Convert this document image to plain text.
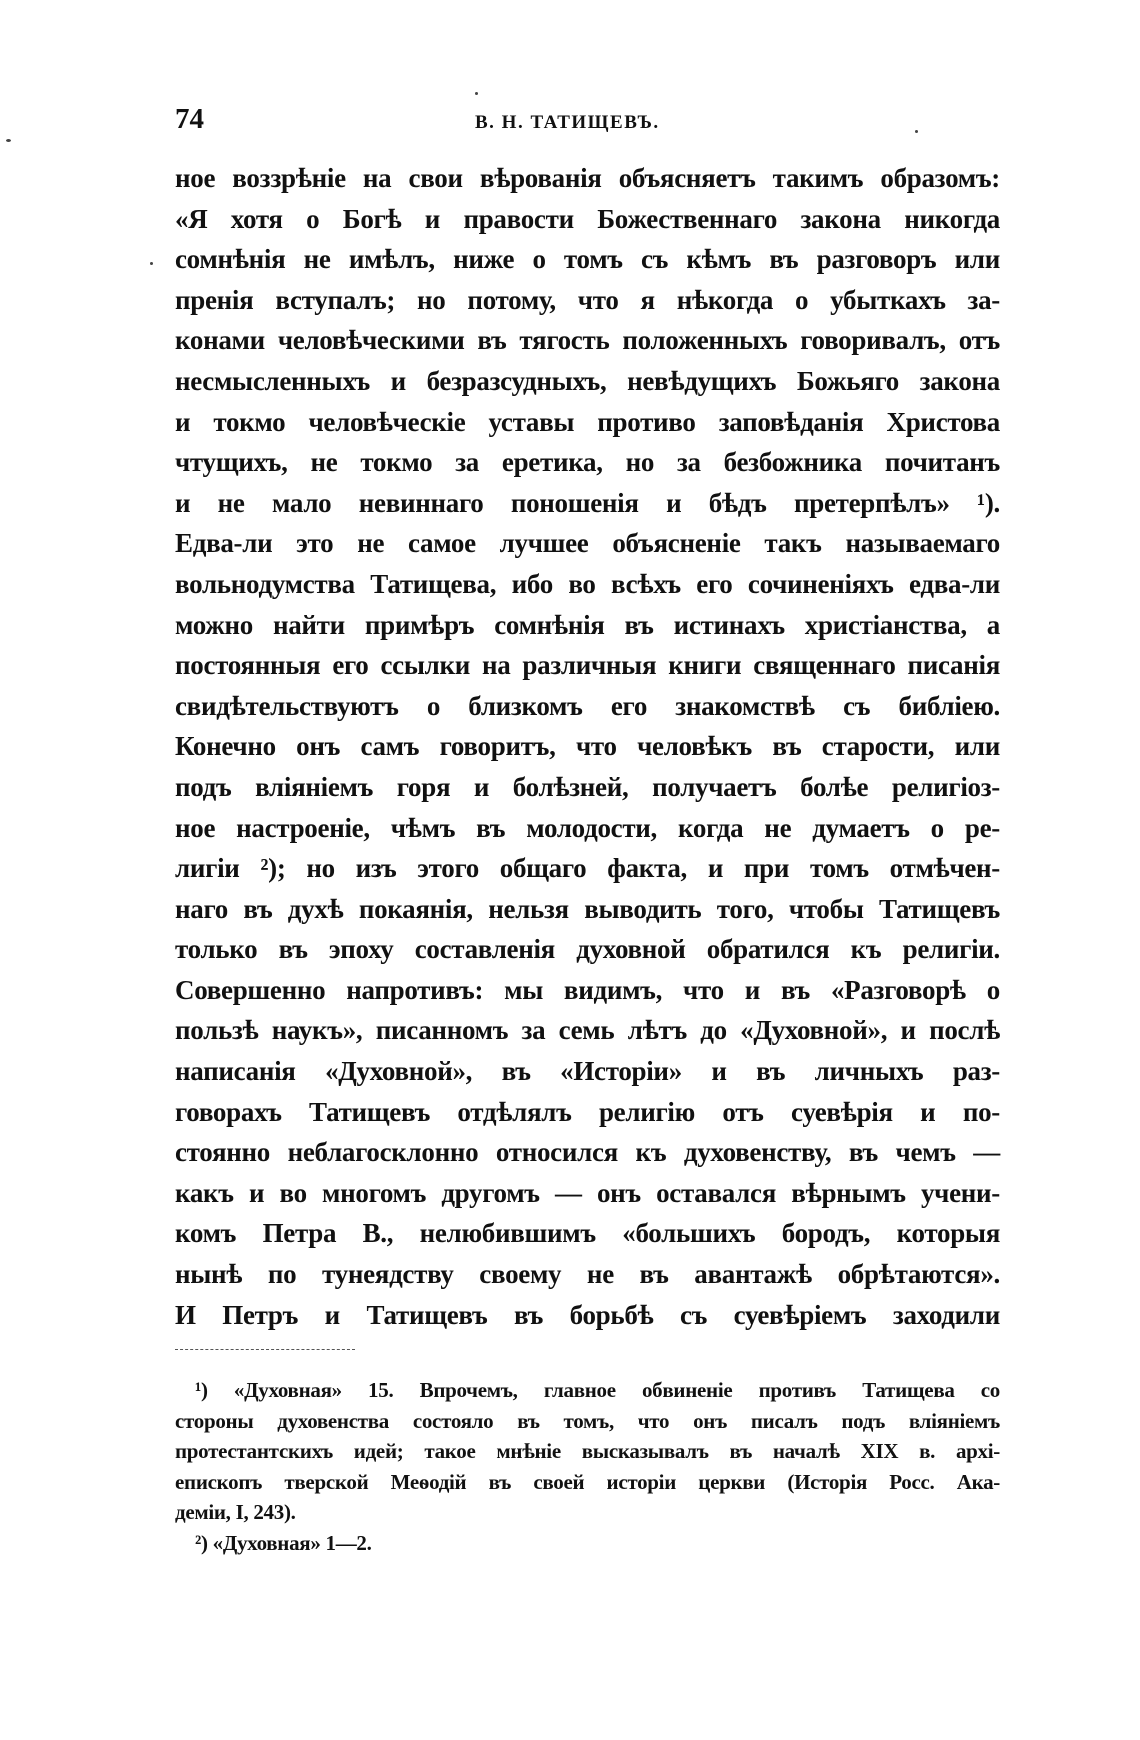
74	В. Н. ТАТИЩЕВЪ.
ное воззрѣніе на свои вѣрованія объясняетъ такимъ образомъ:
«Я хотя о Богѣ и правости Божественнаго закона никогда
сомнѣнія не имѣлъ, ниже о томъ съ кѣмъ въ разговоръ или
пренія вступалъ; но потому, что я нѣкогда о убыткахъ за-
конами человѣческими въ тягость положенныхъ говоривалъ, отъ
несмысленныхъ и безразсудныхъ, невѣдущихъ Божьяго закона
и токмо человѣческіе уставы противо заповѣданія Христова
чтущихъ, не токмо за еретика, но за безбожника почитанъ
и не мало невиннаго поношенія и бѣдъ претерпѣлъ» ¹).
Едва-ли это не самое лучшее объясненіе такъ называемаго
вольнодумства Татищева, ибо во всѣхъ его сочиненіяхъ едва-ли
можно найти примѣръ сомнѣнія въ истинахъ христіанства, а
постоянныя его ссылки на различныя книги священнаго писанія
свидѣтельствуютъ о близкомъ его знакомствѣ съ библіею.
Конечно онъ самъ говоритъ, что человѣкъ въ старости, или
подъ вліяніемъ горя и болѣзней, получаетъ болѣе религіоз-
ное настроеніе, чѣмъ въ молодости, когда не думаетъ о ре-
лигіи ²); но изъ этого общаго факта, и при томъ отмѣчен-
наго въ духѣ покаянія, нельзя выводить того, чтобы Татищевъ
только въ эпоху составленія духовной обратился къ религіи.
Совершенно напротивъ: мы видимъ, что и въ «Разговорѣ о
пользѣ наукъ», писанномъ за семь лѣтъ до «Духовной», и послѣ
написанія «Духовной», въ «Исторіи» и въ личныхъ раз-
говорахъ Татищевъ отдѣлялъ религію отъ суевѣрія и по-
стоянно неблагосклонно относился къ духовенству, въ чемъ —
какъ и во многомъ другомъ — онъ оставался вѣрнымъ учени-
комъ Петра В., нелюбившимъ «большихъ бородъ, которыя
нынѣ по тунеядству своему не въ авантажѣ обрѣтаются».
И Петръ и Татищевъ въ борьбѣ съ суевѣріемъ заходили
¹) «Духовная» 15. Впрочемъ, главное обвиненіе противъ Татищева со
стороны духовенства состояло въ томъ, что онъ писалъ подъ вліяніемъ
протестантскихъ идей; такое мнѣніе высказывалъ въ началѣ XIX в. архі-
епископъ тверской Меѳодій въ своей исторіи церкви (Исторія Росс. Ака-
деміи, I, 243).
²) «Духовная» 1—2.
